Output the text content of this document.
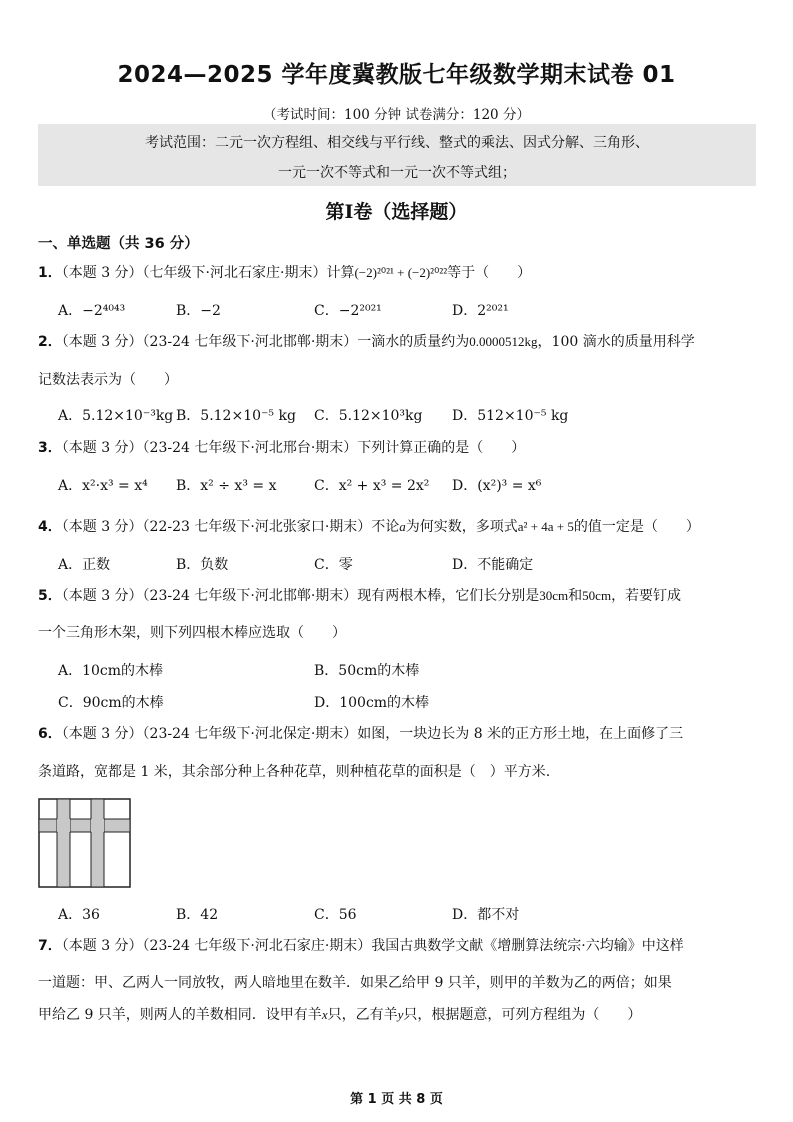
2024—2025 学年度冀教版七年级数学期末试卷 01
（考试时间：100 分钟 试卷满分：120 分）
考试范围：二元一次方程组、相交线与平行线、整式的乘法、因式分解、三角形、
一元一次不等式和一元一次不等式组；
第Ⅰ卷（选择题）
一、单选题（共 36 分）
1．（本题 3 分）（七年级下·河北石家庄·期末）计算(−2)²⁰²¹ + (−2)²⁰²²等于（　　）
A．−2⁴⁰⁴³	B．−2	C．−2²⁰²¹	D．2²⁰²¹
2．（本题 3 分）（23-24 七年级下·河北邯郸·期末）一滴水的质量约为0.0000512kg，100 滴水的质量用科学
记数法表示为（　　）
A．5.12×10⁻³kg B．5.12×10⁻⁵ kg C．5.12×10³kg D．512×10⁻⁵ kg
3．（本题 3 分）（23-24 七年级下·河北邢台·期末）下列计算正确的是（　　）
A．x²·x³ = x⁴ B．x² ÷ x³ = x	C．x² + x³ = 2x² D．(x²)³ = x⁶
4．（本题 3 分）（22-23 七年级下·河北张家口·期末）不论a为何实数，多项式a² + 4a + 5的值一定是（　　）
A．正数	B．负数	C．零	D．不能确定
5．（本题 3 分）（23-24 七年级下·河北邯郸·期末）现有两根木棒，它们长分别是30cm和50cm，若要钉成
一个三角形木架，则下列四根木棒应选取（　　）
A．10cm的木棒	B．50cm的木棒
C．90cm的木棒	D．100cm的木棒
6．（本题 3 分）（23-24 七年级下·河北保定·期末）如图，一块边长为 8 米的正方形土地，在上面修了三
条道路，宽都是 1 米，其余部分种上各种花草，则种植花草的面积是（　）平方米.
A．36	B．42	C．56	D．都不对
7．（本题 3 分）（23-24 七年级下·河北石家庄·期末）我国古典数学文献《增删算法统宗·六均输》中这样
一道题：甲、乙两人一同放牧，两人暗地里在数羊．如果乙给甲 9 只羊，则甲的羊数为乙的两倍；如果
甲给乙 9 只羊，则两人的羊数相同．设甲有羊x只，乙有羊y只，根据题意，可列方程组为（　　）
第 1 页 共 8 页
